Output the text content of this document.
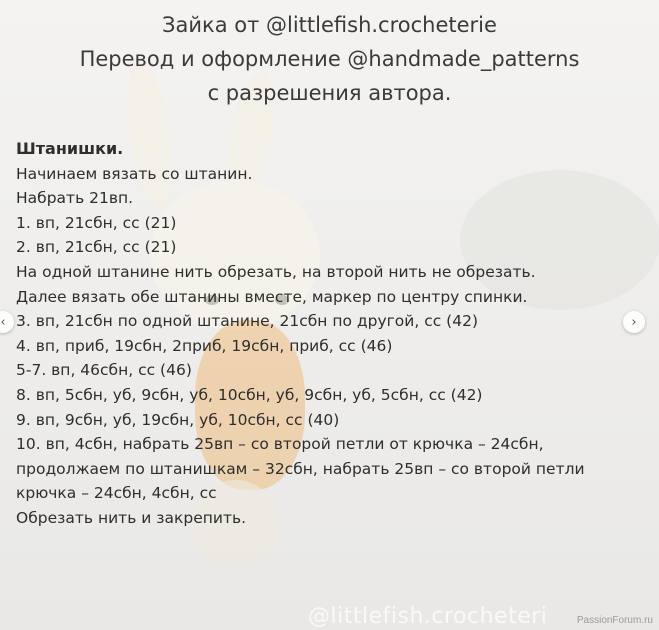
Зайка от @littlefish.crocheterie
Перевод и оформление @handmade_patterns
с разрешения автора.
Штанишки.
Начинаем вязать со штанин.
Набрать 21вп.
1. вп, 21сбн, сс (21)
2. вп, 21сбн, сс (21)
На одной штанине нить обрезать, на второй нить не обрезать.
Далее вязать обе штанины вместе, маркер по центру спинки.
3. вп, 21сбн по одной штанине, 21сбн по другой, сс (42)
4. вп, приб, 19сбн, 2приб, 19сбн, приб, сс (46)
5-7. вп, 46сбн, сс (46)
8. вп, 5сбн, уб, 9сбн, уб, 10сбн, уб, 9сбн, уб, 5сбн, сс (42)
9. вп, 9сбн, уб, 19сбн, уб, 10сбн, сс (40)
10. вп, 4сбн, набрать 25вп – со второй петли от крючка – 24сбн,
продолжаем по штанишкам – 32сбн, набрать 25вп – со второй петли
крючка – 24сбн, 4сбн, сс
Обрезать нить и закрепить.
‹	›
@littlefish.crocheteri	PassionForum.ru
